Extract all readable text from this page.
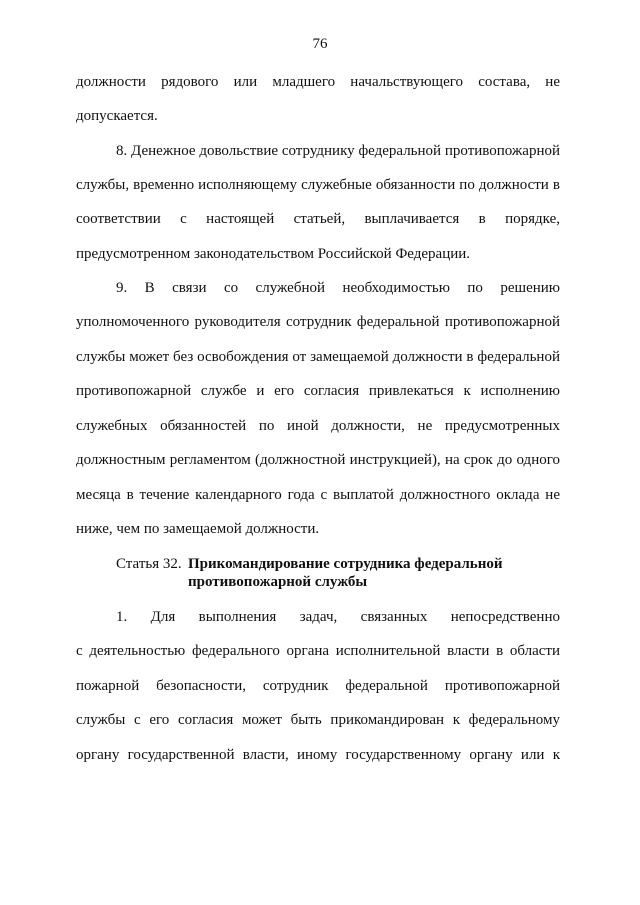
76
должности рядового или младшего начальствующего состава, не
допускается.
8. Денежное довольствие сотруднику федеральной противопожарной
службы, временно исполняющему служебные обязанности по должности в
соответствии с настоящей статьей, выплачивается в порядке,
предусмотренном законодательством Российской Федерации.
9. В связи со служебной необходимостью по решению
уполномоченного руководителя сотрудник федеральной противопожарной
службы может без освобождения от замещаемой должности в федеральной
противопожарной службе и его согласия привлекаться к исполнению
служебных обязанностей по иной должности, не предусмотренных
должностным регламентом (должностной инструкцией), на срок до одного
месяца в течение календарного года с выплатой должностного оклада не
ниже, чем по замещаемой должности.
Статья 32. Прикомандирование сотрудника федеральной
противопожарной службы
1. Для выполнения задач, связанных непосредственно
с деятельностью федерального органа исполнительной власти в области
пожарной безопасности, сотрудник федеральной противопожарной
службы с его согласия может быть прикомандирован к федеральному
органу государственной власти, иному государственному органу или к
